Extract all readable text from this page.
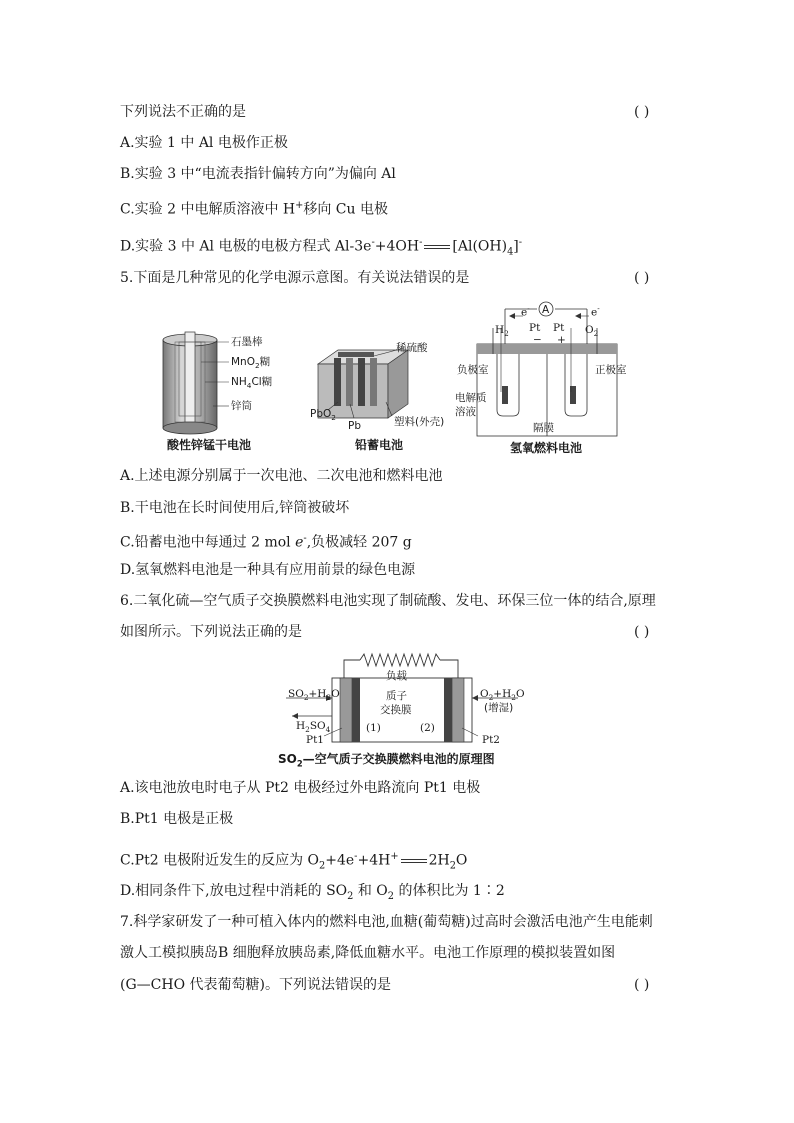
下列说法不正确的是	( )
A.实验 1 中 Al 电极作正极
B.实验 3 中“电流表指针偏转方向”为偏向 Al
C.实验 2 中电解质溶液中 H+移向 Cu 电极
D.实验 3 中 Al 电极的电极方程式 Al-3e-+4OH- $[Al(OH)_4]^-$
5.下面是几种常见的化学电源示意图。有关说法错误的是	( )
石墨棒
MnO$_2$糊
$NH_4Cl$糊
锌筒
酸性锌锰干电池
稀硫酸
PbO$_2$
Pb	塑料(外壳)
铅蓄电池
A
e-	e-
$H_2$	$O_2$
Pt Pt
− +
负极室	正极室
电解质
溶液
隔膜
氢氧燃料电池
A.上述电源分别属于一次电池、二次电池和燃料电池
B.干电池在长时间使用后,锌筒被破坏
C.铅蓄电池中每通过 2 mol e-,负极减轻 207 g
D.氢氧燃料电池是一种具有应用前景的绿色电源
6.二氧化硫—空气质子交换膜燃料电池实现了制硫酸、发电、环保三位一体的结合,原理
如图所示。下列说法正确的是	( )
负载
$SO_2+H_2O$
$H_2SO_4$
$O_2+H_2O$
(增湿)
质子
交换膜
(1)	(2)
Pt1	Pt2
$SO_2—$空气质子交换膜燃料电池的原理图
A.该电池放电时电子从 Pt2 电极经过外电路流向 Pt1 电极
B.Pt1 电极是正极
C.Pt2 电极附近发生的反应为 $O_2+4e^-+4H^+$ $2H_2O$
D.相同条件下,放电过程中消耗的 $SO_2$ 和 $O_2$ 的体积比为 1∶2
7.科学家研发了一种可植入体内的燃料电池,血糖(葡萄糖)过高时会激活电池产生电能刺
激人工模拟胰岛B 细胞释放胰岛素,降低血糖水平。电池工作原理的模拟装置如图
(G—CHO 代表葡萄糖)。下列说法错误的是	( )
